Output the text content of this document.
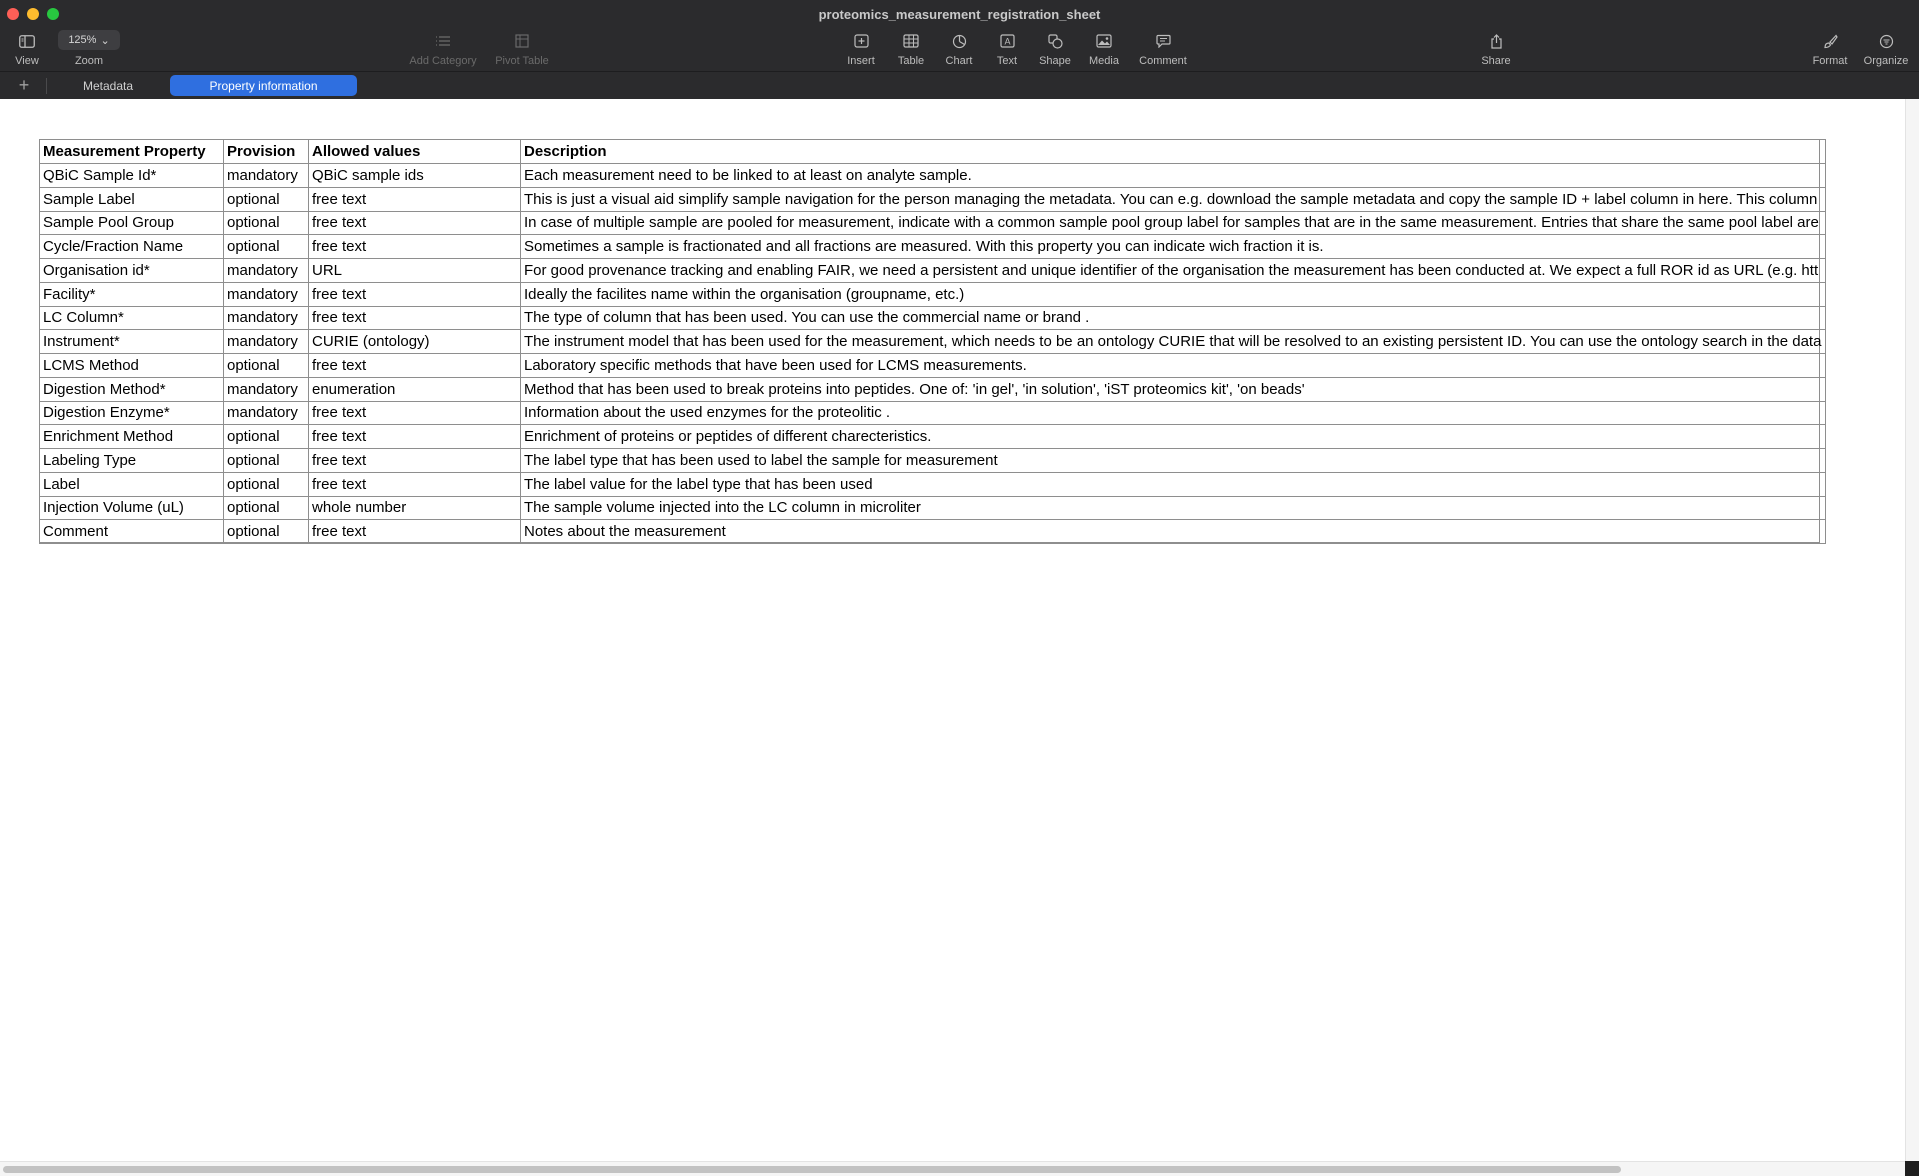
proteomics_measurement_registration_sheet
View
125% ⌄
Zoom	Add Category Pivot Table	Insert Table Chart
A
Text Shape Media Comment	Share	Format Organize
+	Metadata	Property information
Measurement Property	Provision	Allowed values	Description
QBiC Sample Id*	mandatory	QBiC sample ids	Each measurement need to be linked to at least on analyte sample.
Sample Label	optional	free text	This is just a visual aid simplify sample navigation for the person managing the metadata. You can e.g. download the sample metadata and copy the sample ID + label column in here. This column

Sample Pool Group	optional	free text	In case of multiple sample are pooled for measurement, indicate with a common sample pool group label for samples that are in the same measurement. Entries that share the same pool label are

Cycle/Fraction Name	optional	free text	Sometimes a sample is fractionated and all fractions are measured. With this property you can indicate wich fraction it is.
Organisation id*	mandatory	URL	For good provenance tracking and enabling FAIR, we need a persistent and unique identifier of the organisation the measurement has been conducted at. We expect a full ROR id as URL (e.g. htt

Facility*	mandatory	free text	Ideally the facilites name within the organisation (groupname, etc.)
LC Column*	mandatory	free text	The type of column that has been used. You can use the commercial name or brand .
Instrument*	mandatory	CURIE (ontology)	The instrument model that has been used for the measurement, which needs to be an ontology CURIE that will be resolved to an existing persistent ID. You can use the ontology search in the data

LCMS Method	optional	free text	Laboratory specific methods that have been used for LCMS measurements.
Digestion Method*	mandatory	enumeration	Method that has been used to break proteins into peptides. One of: 'in gel', 'in solution', 'iST proteomics kit', 'on beads'
Digestion Enzyme*	mandatory	free text	Information about the used enzymes for the proteolitic .
Enrichment Method	optional	free text	Enrichment of proteins or peptides of different charecteristics.
Labeling Type	optional	free text	The label type that has been used to label the sample for measurement
Label	optional	free text	The label value for the label type that has been used
Injection Volume (uL)	optional	whole number	The sample volume injected into the LC column in microliter
Comment	optional	free text	Notes about the measurement
